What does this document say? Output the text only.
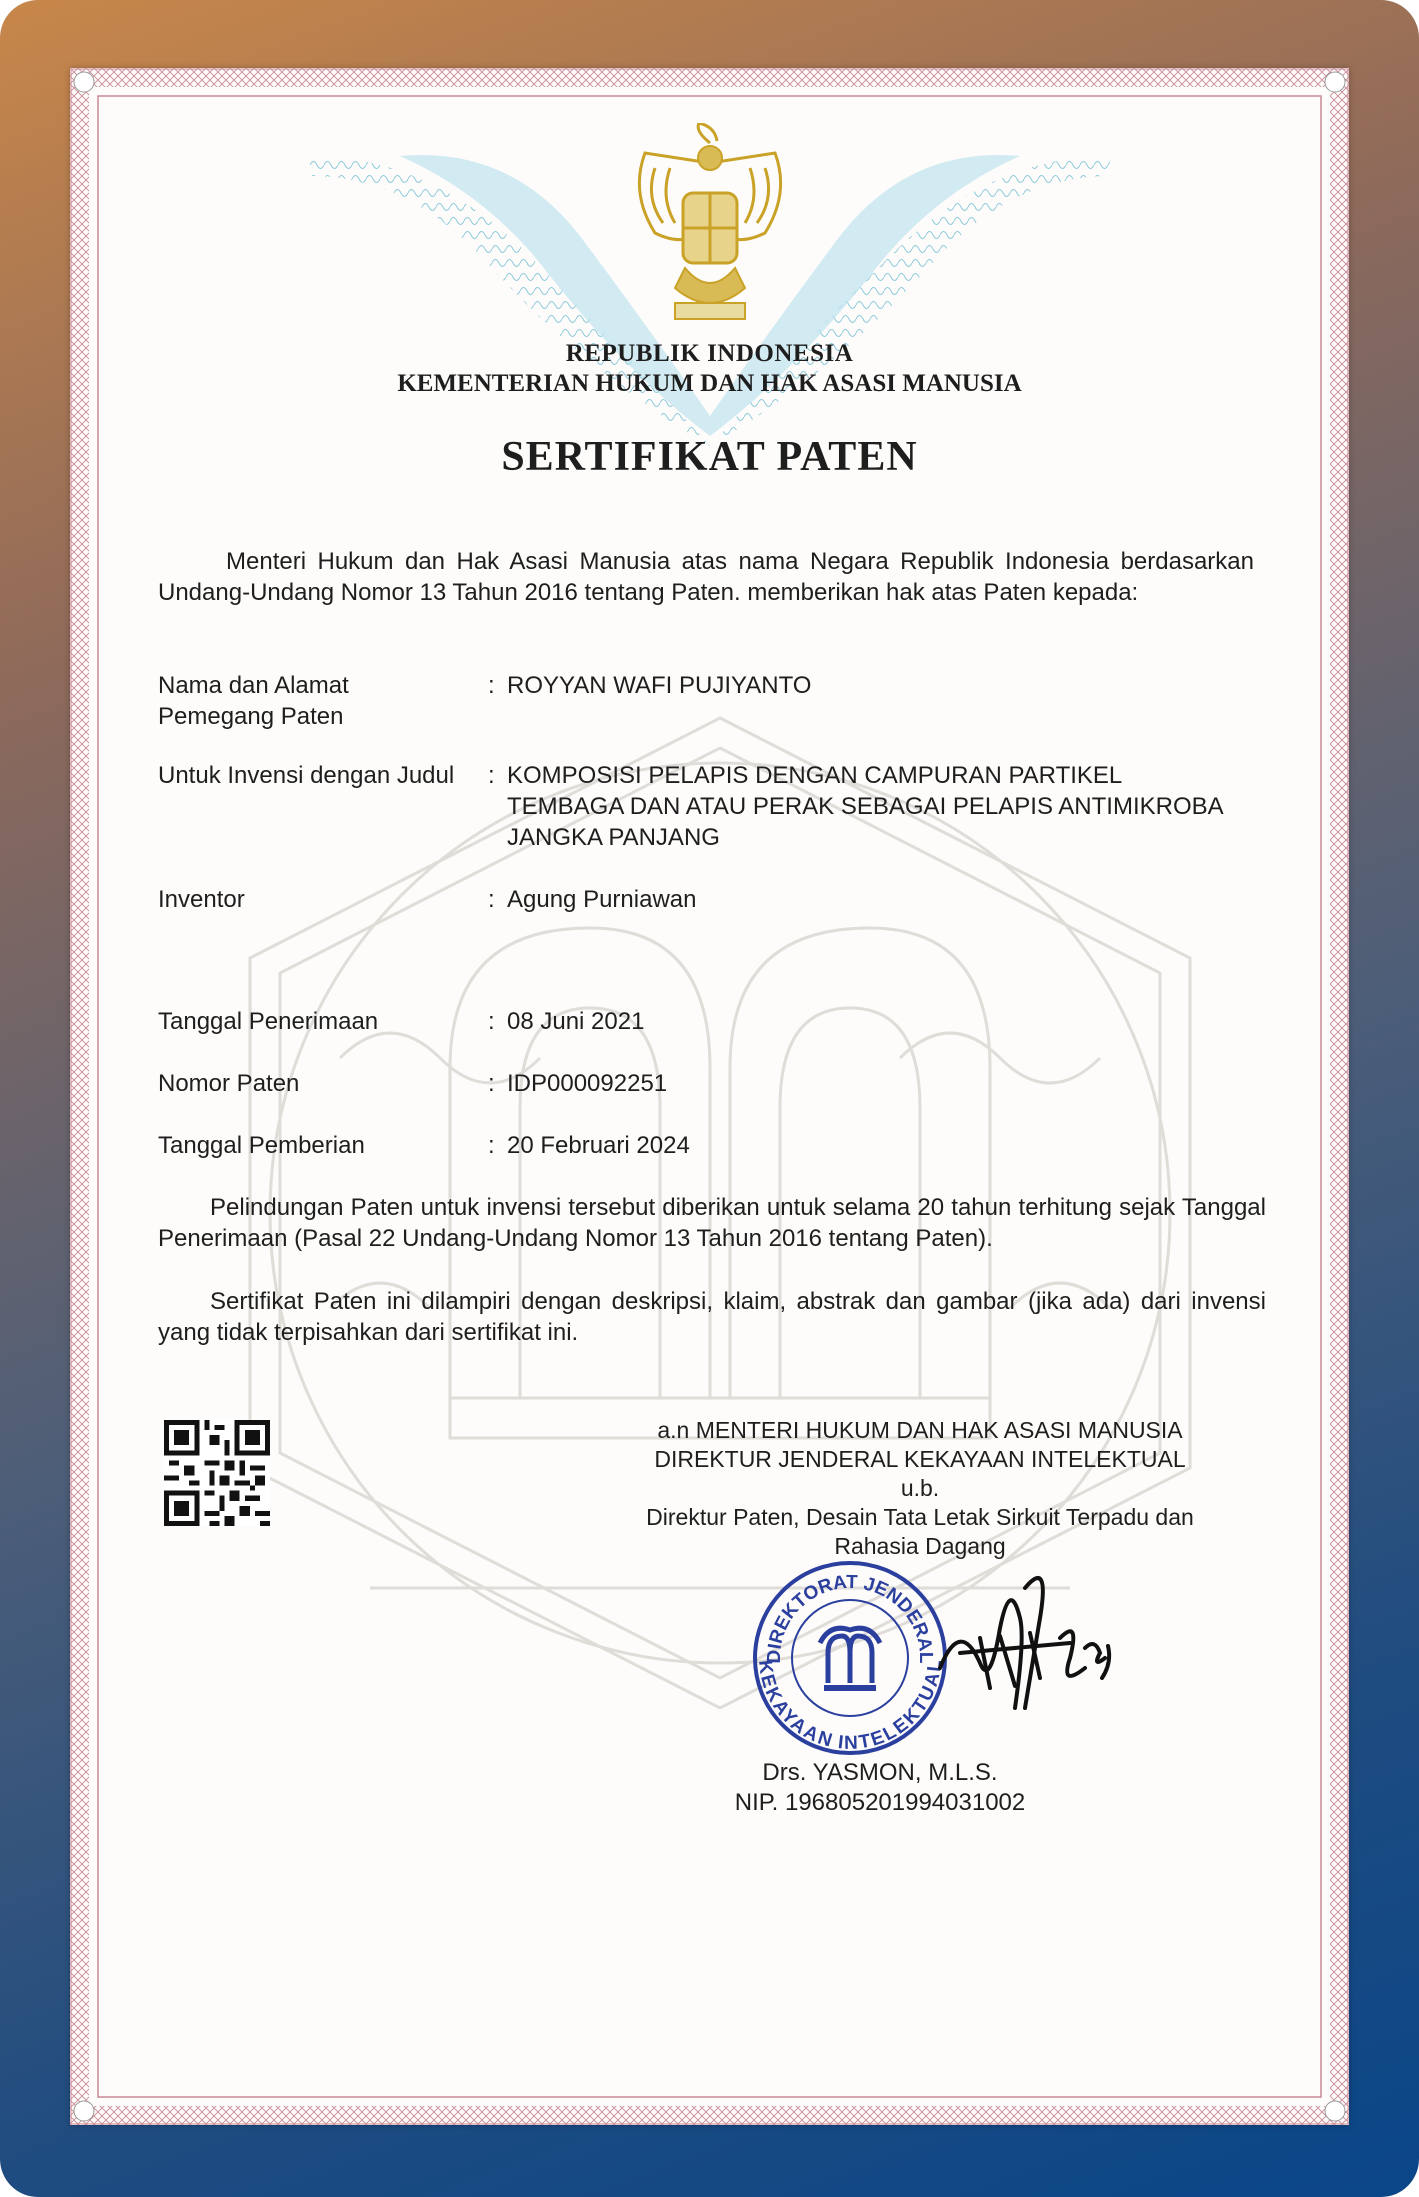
REPUBLIK INDONESIA
KEMENTERIAN HUKUM DAN HAK ASASI MANUSIA
SERTIFIKAT PATEN
Menteri Hukum dan Hak Asasi Manusia atas nama Negara Republik Indonesia berdasarkan Undang-Undang Nomor 13 Tahun 2016 tentang Paten. memberikan hak atas Paten kepada:
Nama dan Alamat Pemegang Paten
: ROYYAN WAFI PUJIYANTO
Untuk Invensi dengan Judul : KOMPOSISI PELAPIS DENGAN CAMPURAN PARTIKEL TEMBAGA DAN ATAU PERAK SEBAGAI PELAPIS ANTIMIKROBA JANGKA PANJANG
Inventor	: Agung Purniawan
Tanggal Penerimaan	: 08 Juni 2021
Nomor Paten	: IDP000092251
Tanggal Pemberian	: 20 Februari 2024
Pelindungan Paten untuk invensi tersebut diberikan untuk selama 20 tahun terhitung sejak Tanggal Penerimaan (Pasal 22 Undang-Undang Nomor 13 Tahun 2016 tentang Paten).
Sertifikat Paten ini dilampiri dengan deskripsi, klaim, abstrak dan gambar (jika ada) dari invensi yang tidak terpisahkan dari sertifikat ini.
a.n MENTERI HUKUM DAN HAK ASASI MANUSIA
DIREKTUR JENDERAL KEKAYAAN INTELEKTUAL
u.b.
Direktur Paten, Desain Tata Letak Sirkuit Terpadu dan
Rahasia Dagang
DIREKTORAT JENDERAL
KEKAYAAN INTELEKTUAL
Drs. YASMON, M.L.S.
NIP. 196805201994031002
